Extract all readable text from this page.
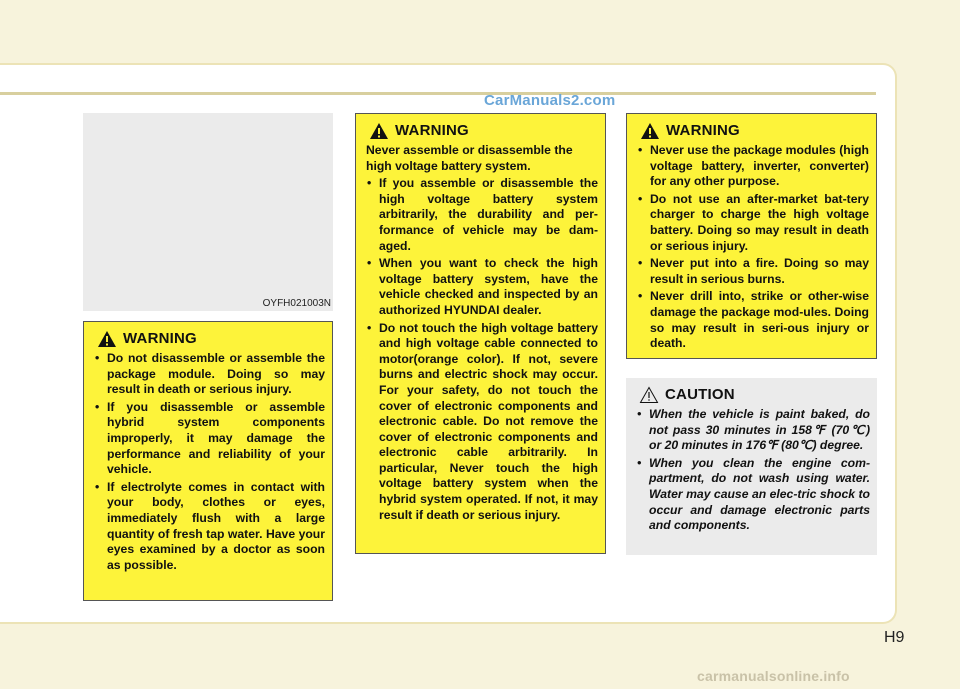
CarManuals2.com
OYFH021003N
WARNING
• Do not disassemble or assemble the package module. Doing so may result in death or serious injury.
• If you disassemble or assemble hybrid system components improperly, it may damage the performance and reliability of your vehicle.
• If electrolyte comes in contact with your body, clothes or eyes, immediately flush with a large quantity of fresh tap water. Have your eyes examined by a doctor as soon as possible.
WARNING

Never assemble or disassemble the high voltage battery system.

• If you assemble or disassemble the high voltage battery system arbitrarily, the durability and per-formance of vehicle may be dam-aged.
• When you want to check the high voltage battery system, have the vehicle checked and inspected by an authorized HYUNDAI dealer.
• Do not touch the high voltage battery and high voltage cable connected to motor(orange color). If not, severe burns and electric shock may occur. For your safety, do not touch the cover of electronic components and electronic cable. Do not remove the cover of electronic components and electronic cable arbitrarily. In particular, Never touch the high voltage battery system when the hybrid system operated. If not, it may result if death or serious injury.
WARNING
• Never use the package modules (high voltage battery, inverter, converter) for any other purpose.
• Do not use an after-market bat-tery charger to charge the high voltage battery. Doing so may result in death or serious injury.
• Never put into a fire. Doing so may result in serious burns.
• Never drill into, strike or other-wise damage the package mod-ules. Doing so may result in seri-ous injury or death.
CAUTION
• When the vehicle is paint baked, do not pass 30 minutes in 158℉ (70℃) or 20 minutes in 176℉ (80℃) degree.
• When you clean the engine com-partment, do not wash using water. Water may cause an elec-tric shock to occur and damage electronic parts and components.
H9
carmanualsonline.info
